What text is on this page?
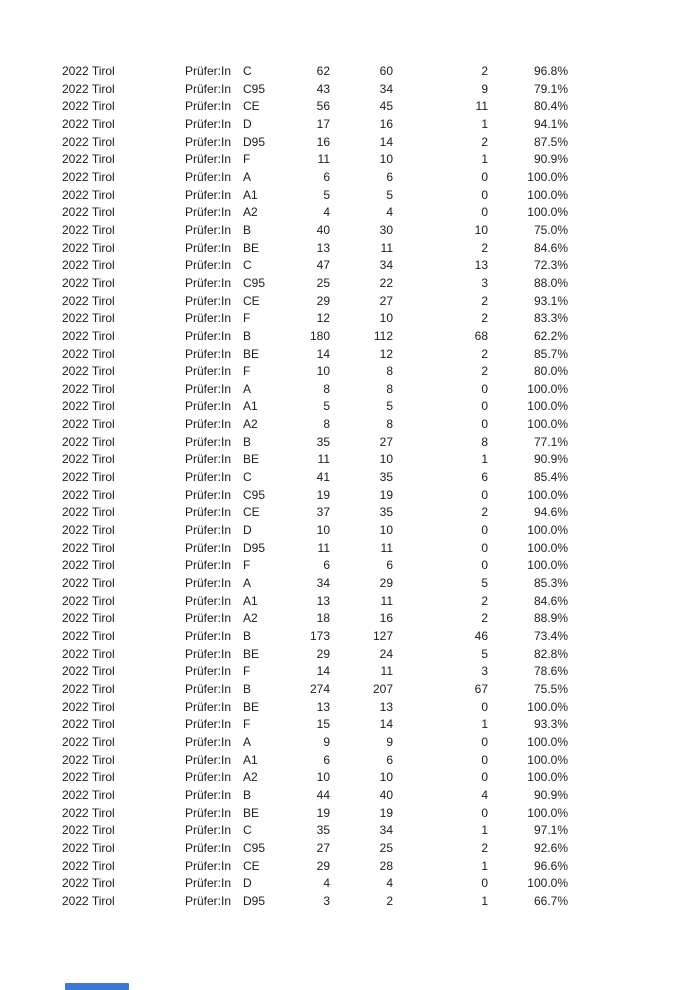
2022 Tirol	Prüfer:In C	62	60	2	96.8%
2022 Tirol	Prüfer:In C95	43	34	9	79.1%
2022 Tirol	Prüfer:In CE	56	45	11	80.4%
2022 Tirol	Prüfer:In D	17	16	1	94.1%
2022 Tirol	Prüfer:In D95	16	14	2	87.5%
2022 Tirol	Prüfer:In F	11	10	1	90.9%
2022 Tirol	Prüfer:In A	6	6	0	100.0%
2022 Tirol	Prüfer:In A1	5	5	0	100.0%
2022 Tirol	Prüfer:In A2	4	4	0	100.0%
2022 Tirol	Prüfer:In B	40	30	10	75.0%
2022 Tirol	Prüfer:In BE	13	11	2	84.6%
2022 Tirol	Prüfer:In C	47	34	13	72.3%
2022 Tirol	Prüfer:In C95	25	22	3	88.0%
2022 Tirol	Prüfer:In CE	29	27	2	93.1%
2022 Tirol	Prüfer:In F	12	10	2	83.3%
2022 Tirol	Prüfer:In B	180	112	68	62.2%
2022 Tirol	Prüfer:In BE	14	12	2	85.7%
2022 Tirol	Prüfer:In F	10	8	2	80.0%
2022 Tirol	Prüfer:In A	8	8	0	100.0%
2022 Tirol	Prüfer:In A1	5	5	0	100.0%
2022 Tirol	Prüfer:In A2	8	8	0	100.0%
2022 Tirol	Prüfer:In B	35	27	8	77.1%
2022 Tirol	Prüfer:In BE	11	10	1	90.9%
2022 Tirol	Prüfer:In C	41	35	6	85.4%
2022 Tirol	Prüfer:In C95	19	19	0	100.0%
2022 Tirol	Prüfer:In CE	37	35	2	94.6%
2022 Tirol	Prüfer:In D	10	10	0	100.0%
2022 Tirol	Prüfer:In D95	11	11	0	100.0%
2022 Tirol	Prüfer:In F	6	6	0	100.0%
2022 Tirol	Prüfer:In A	34	29	5	85.3%
2022 Tirol	Prüfer:In A1	13	11	2	84.6%
2022 Tirol	Prüfer:In A2	18	16	2	88.9%
2022 Tirol	Prüfer:In B	173	127	46	73.4%
2022 Tirol	Prüfer:In BE	29	24	5	82.8%
2022 Tirol	Prüfer:In F	14	11	3	78.6%
2022 Tirol	Prüfer:In B	274	207	67	75.5%
2022 Tirol	Prüfer:In BE	13	13	0	100.0%
2022 Tirol	Prüfer:In F	15	14	1	93.3%
2022 Tirol	Prüfer:In A	9	9	0	100.0%
2022 Tirol	Prüfer:In A1	6	6	0	100.0%
2022 Tirol	Prüfer:In A2	10	10	0	100.0%
2022 Tirol	Prüfer:In B	44	40	4	90.9%
2022 Tirol	Prüfer:In BE	19	19	0	100.0%
2022 Tirol	Prüfer:In C	35	34	1	97.1%
2022 Tirol	Prüfer:In C95	27	25	2	92.6%
2022 Tirol	Prüfer:In CE	29	28	1	96.6%
2022 Tirol	Prüfer:In D	4	4	0	100.0%
2022 Tirol	Prüfer:In D95	3	2	1	66.7%
